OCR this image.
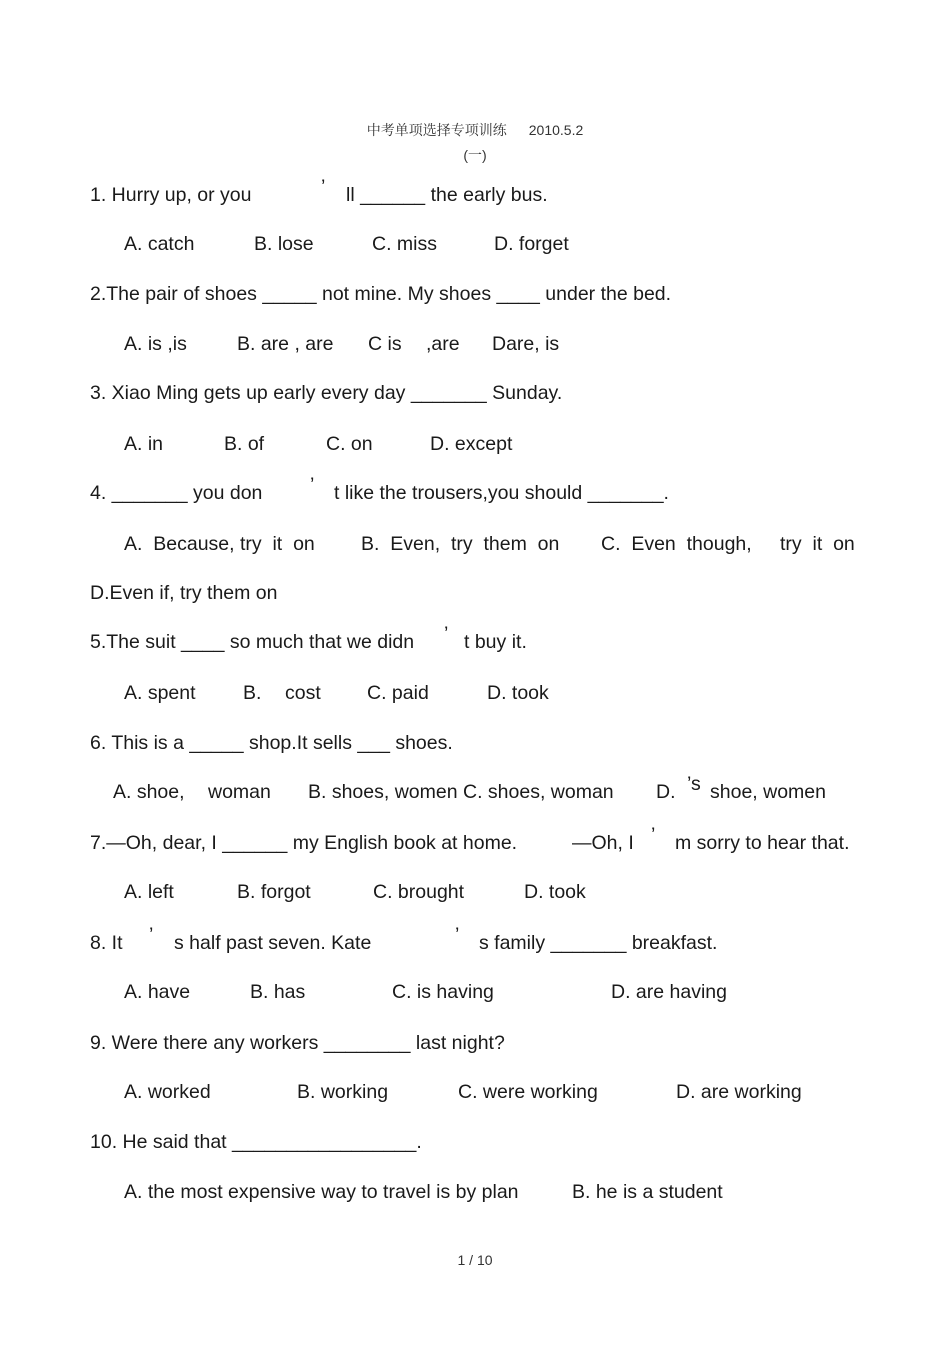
中考单项选择专项训练 2010.5.2
(一)

1. Hurry up, or you

	’

ll ______ the early bus.

A. catch

	B. lose

	C. miss

	D. forget

2.The pair of shoes _____ not mine. My shoes ____ under the bed.

A. is ,is

	B. are , are

C is

,are

Dare, is

3. Xiao Ming gets up early every day _______ Sunday.

A. in

	B. of

	C. on

	D. except

4. _______ you don

’

t like the trousers,you should _______.

A.  Because, try  it  on

B.  Even,  try  them  on

C.  Even  though,

try  it  on

D.Even if, try them on

5.The suit ____ so much that we didn

’

t buy it.

A. spent

B.

cost

C. paid

	D. took

6. This is a _____ shop.It sells ___ shoes.

A. shoe,

woman

B. shoes, women C. shoes, woman

D.

’s

shoe, women

7.—Oh, dear, I ______ my English book at home.

	—Oh, I

’

m sorry to hear that.

A. left

	B. forgot

	C. brought

	D. took

8. It

’

s half past seven. Kate

	’

s family _______ breakfast.

A. have

	B. has

	C. is having

	D. are having

9. Were there any workers ________ last night?

A. worked

	B. working

	C. were working

	D. are working

10. He said that _________________.

A. the most expensive way to travel is by plan

	B. he is a student

1 / 10
